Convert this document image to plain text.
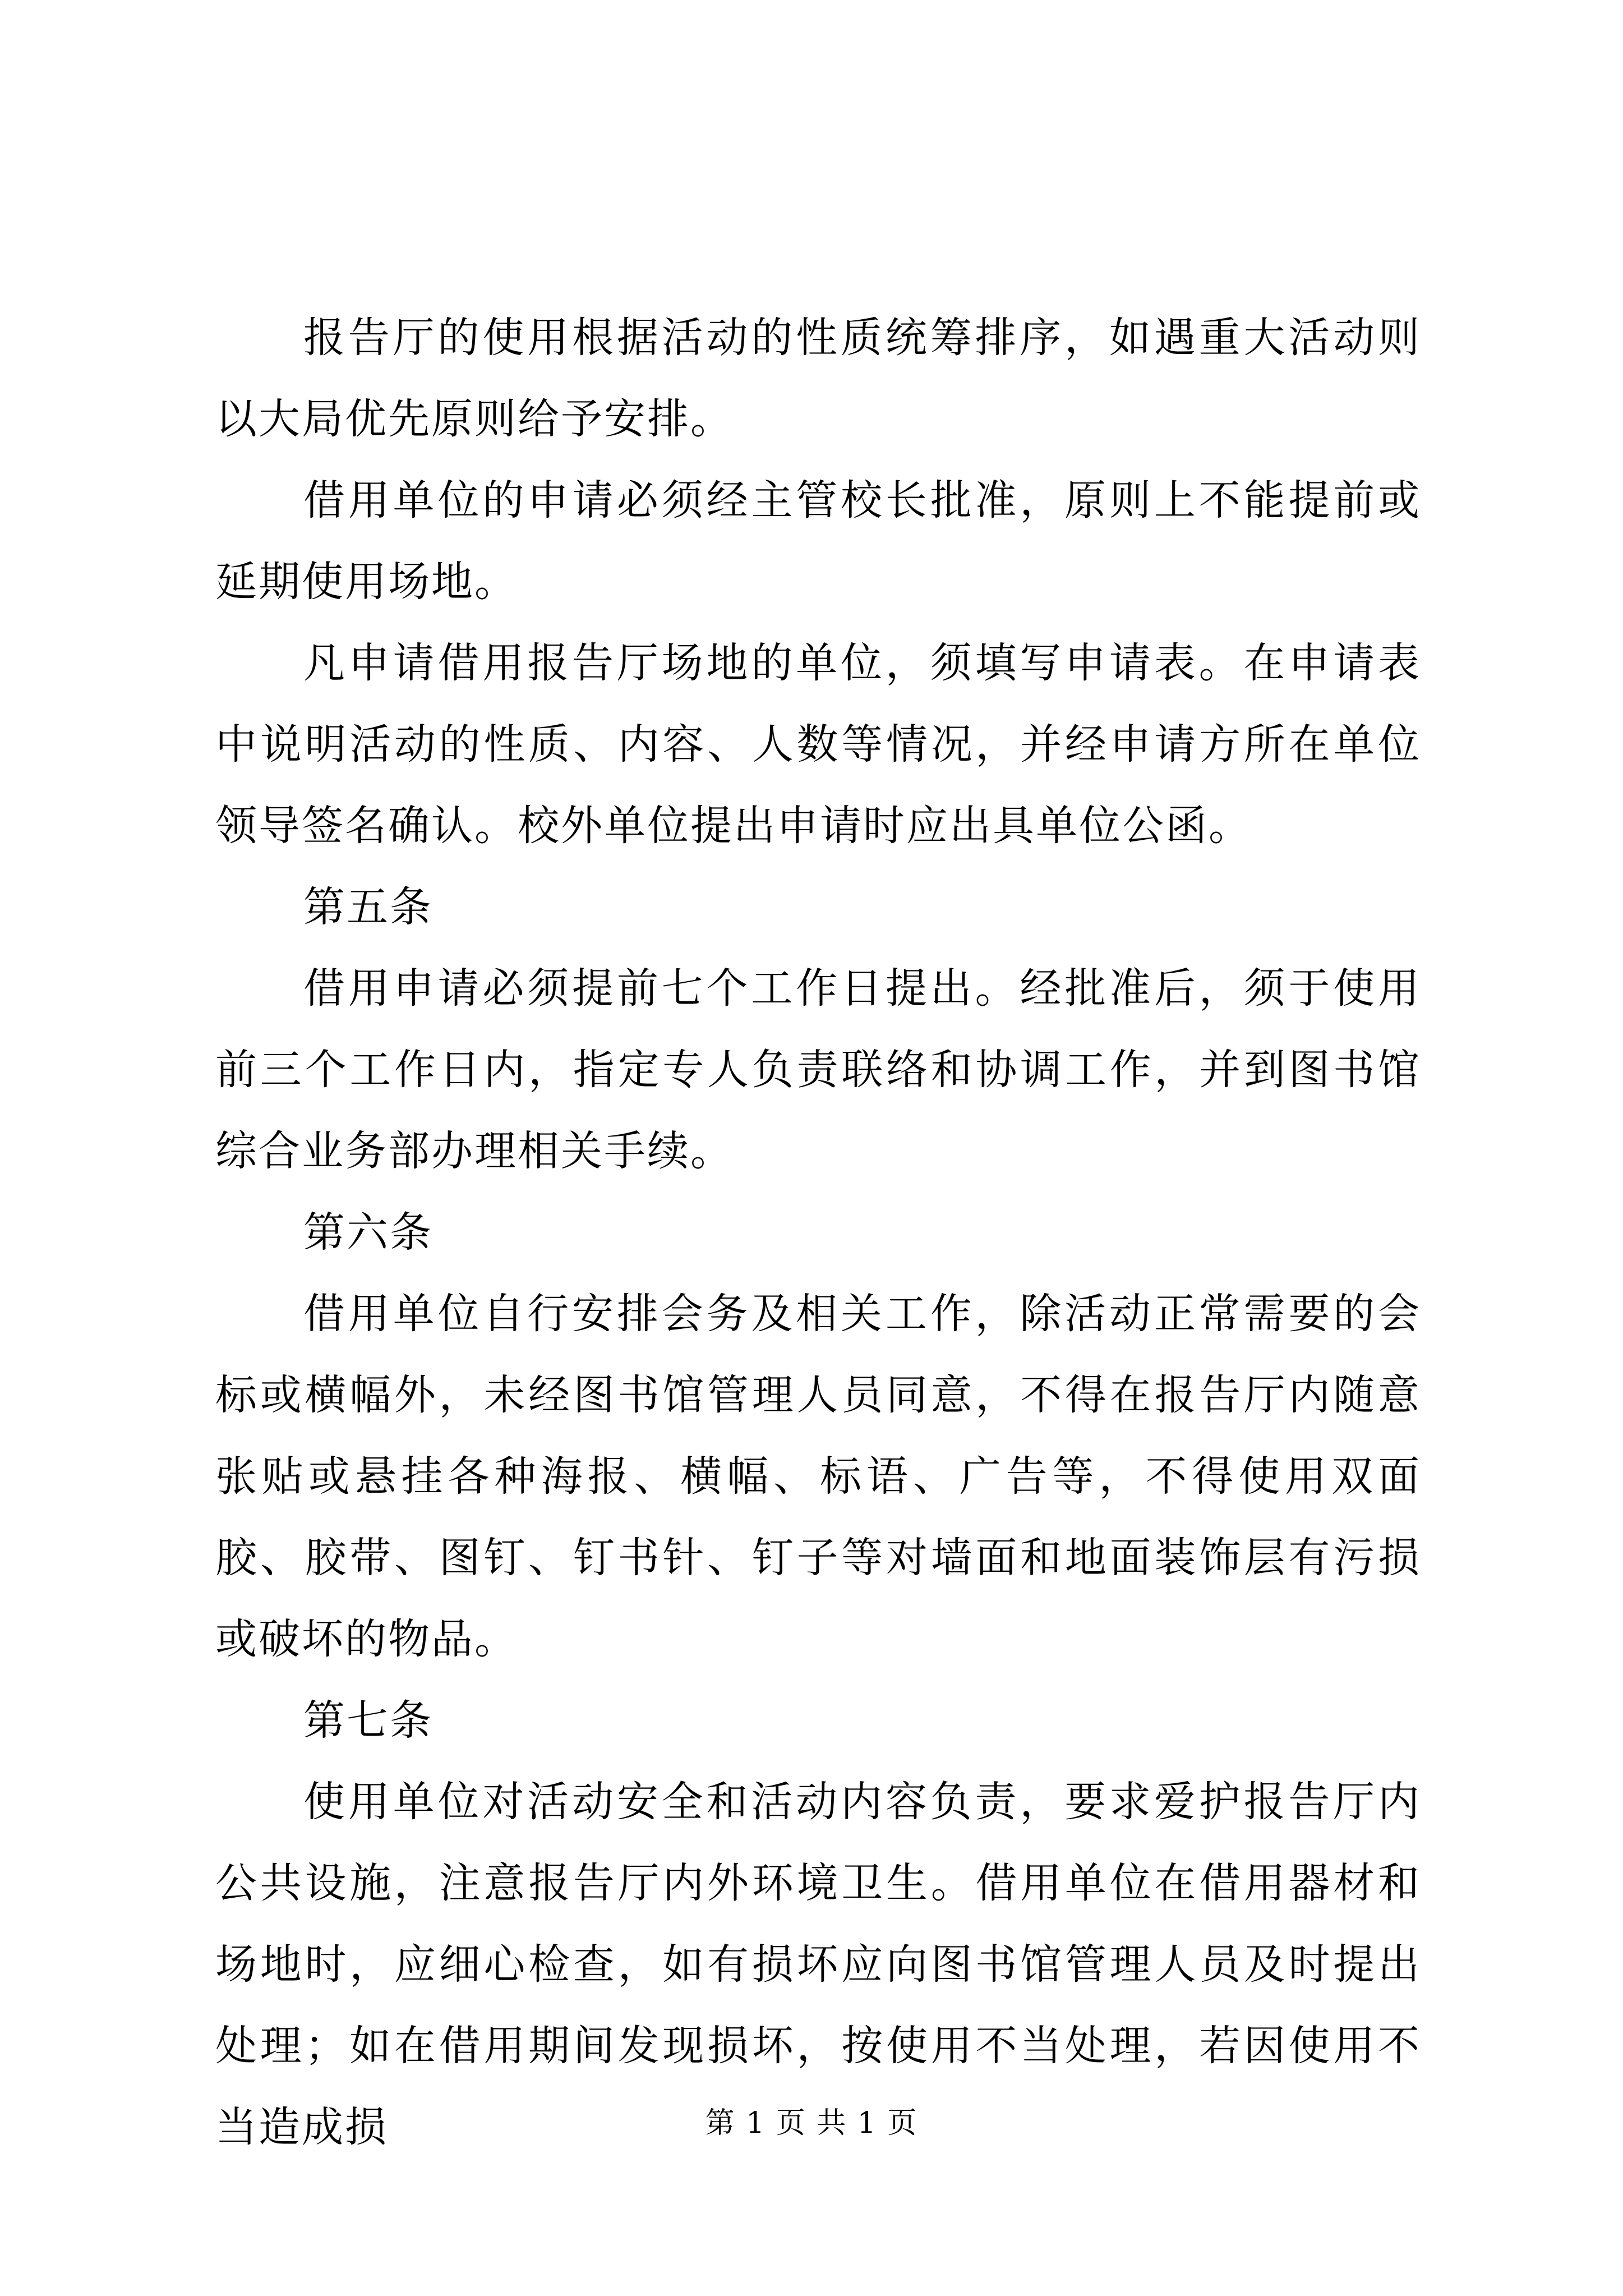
报告厅的使用根据活动的性质统筹排序，如遇重大活动则以大局优先原则给予安排。

借用单位的申请必须经主管校长批准，原则上不能提前或延期使用场地。

凡申请借用报告厅场地的单位，须填写申请表。在申请表中说明活动的性质、内容、人数等情况，并经申请方所在单位领导签名确认。校外单位提出申请时应出具单位公函。

第五条

借用申请必须提前七个工作日提出。经批准后，须于使用前三个工作日内，指定专人负责联络和协调工作，并到图书馆综合业务部办理相关手续。

第六条

借用单位自行安排会务及相关工作，除活动正常需要的会标或横幅外，未经图书馆管理人员同意，不得在报告厅内随意张贴或悬挂各种海报、横幅、标语、广告等，不得使用双面胶、胶带、图钉、钉书针、钉子等对墙面和地面装饰层有污损或破坏的物品。

第七条

使用单位对活动安全和活动内容负责，要求爱护报告厅内公共设施，注意报告厅内外环境卫生。借用单位在借用器材和场地时，应细心检查，如有损坏应向图书馆管理人员及时提出处理；如在借用期间发现损坏，按使用不当处理，若因使用不当造成损	第 1 页 共 1 页
